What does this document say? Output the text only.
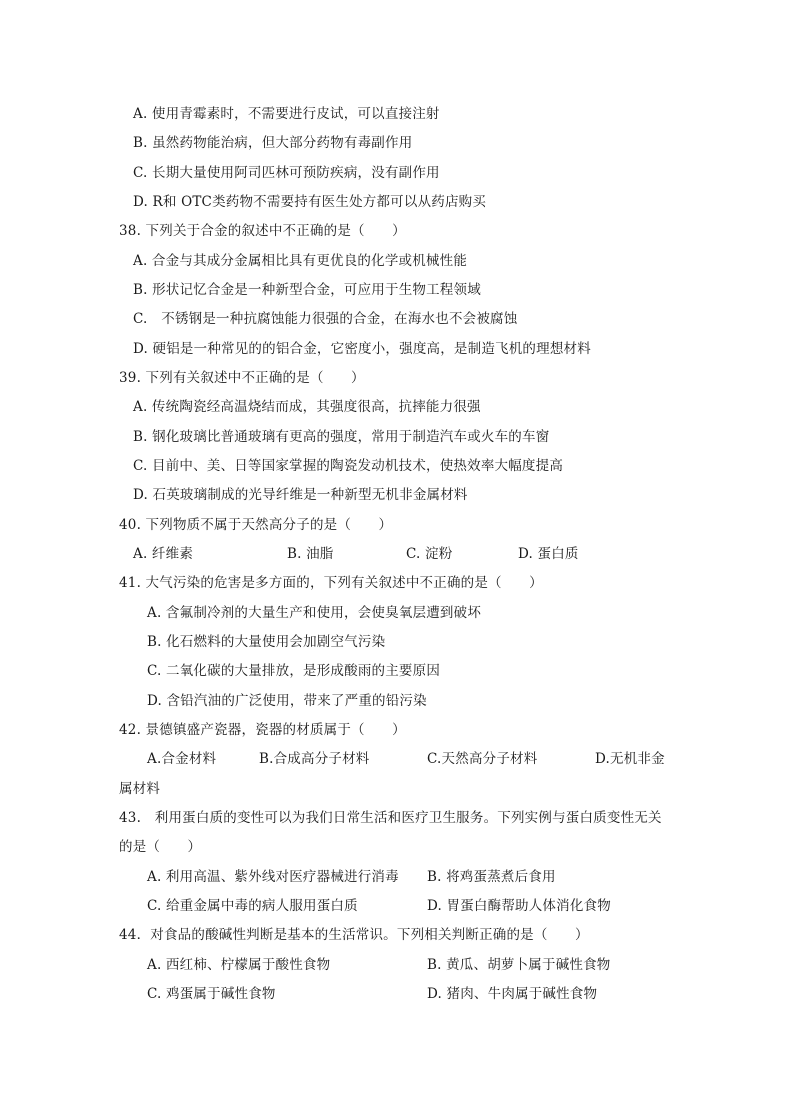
A. 使用青霉素时，不需要进行皮试，可以直接注射
B. 虽然药物能治病，但大部分药物有毒副作用
C. 长期大量使用阿司匹林可预防疾病，没有副作用
D. R和 OTC类药物不需要持有医生处方都可以从药店购买
38. 下列关于合金的叙述中不正确的是（　　）
A. 合金与其成分金属相比具有更优良的化学或机械性能
B. 形状记忆合金是一种新型合金，可应用于生物工程领域
C.　不锈钢是一种抗腐蚀能力很强的合金，在海水也不会被腐蚀
D. 硬铝是一种常见的的铝合金，它密度小，强度高，是制造飞机的理想材料
39. 下列有关叙述中不正确的是（　　）
A. 传统陶瓷经高温烧结而成，其强度很高，抗摔能力很强
B. 钢化玻璃比普通玻璃有更高的强度，常用于制造汽车或火车的车窗
C. 目前中、美、日等国家掌握的陶瓷发动机技术，使热效率大幅度提高
D. 石英玻璃制成的光导纤维是一种新型无机非金属材料
40. 下列物质不属于天然高分子的是（　　）
A. 纤维素	B. 油脂	C. 淀粉	D. 蛋白质
41. 大气污染的危害是多方面的，下列有关叙述中不正确的是（　　）
A. 含氟制冷剂的大量生产和使用，会使臭氧层遭到破坏
B. 化石燃料的大量使用会加剧空气污染
C. 二氧化碳的大量排放，是形成酸雨的主要原因
D. 含铅汽油的广泛使用，带来了严重的铅污染
42. 景德镇盛产瓷器，瓷器的材质属于（　　）
A.合金材料	B.合成高分子材料	C.天然高分子材料	D.无机非金
属材料
43.　利用蛋白质的变性可以为我们日常生活和医疗卫生服务。下列实例与蛋白质变性无关
的是（　　）
A. 利用高温、紫外线对医疗器械进行消毒 B. 将鸡蛋蒸煮后食用
C. 给重金属中毒的病人服用蛋白质	D. 胃蛋白酶帮助人体消化食物
44．对食品的酸碱性判断是基本的生活常识。下列相关判断正确的是（　　）
A. 西红柿、柠檬属于酸性食物	B. 黄瓜、胡萝卜属于碱性食物
C. 鸡蛋属于碱性食物	D. 猪肉、牛肉属于碱性食物
